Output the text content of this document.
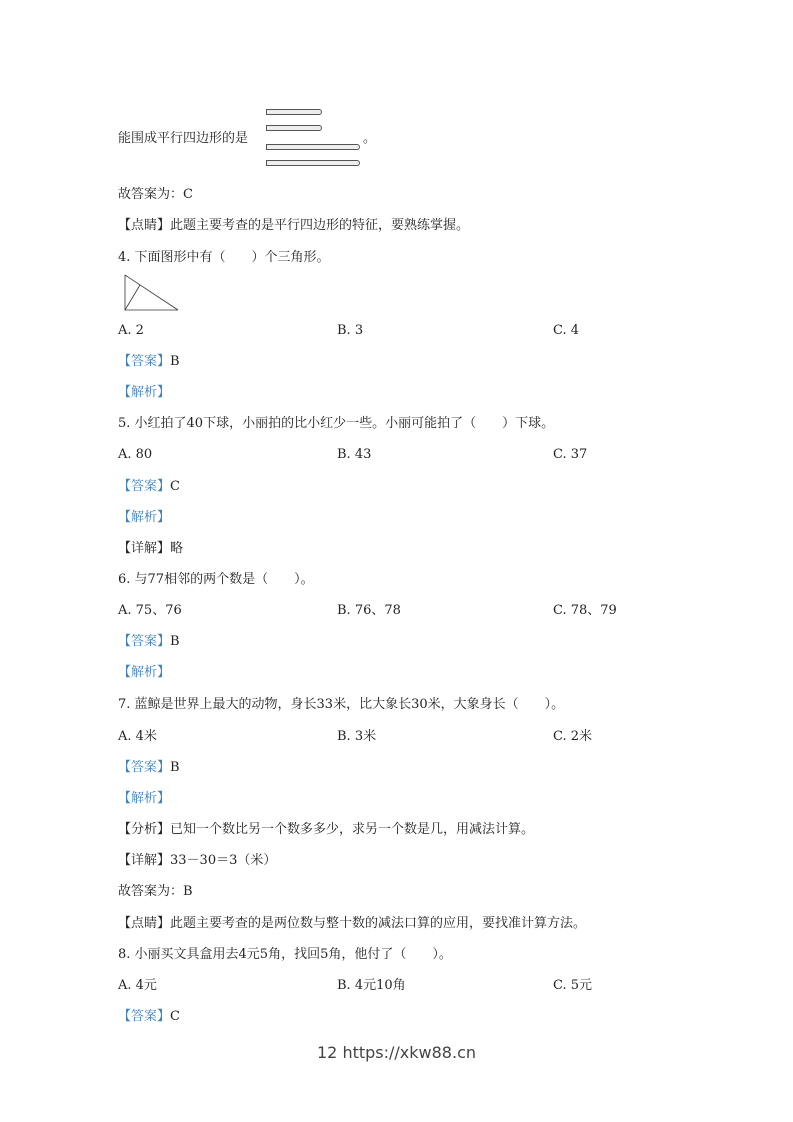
能围成平行四边形的是	。
故答案为：C
【点睛】此题主要考查的是平行四边形的特征，要熟练掌握。
4. 下面图形中有（　　）个三角形。
A. 2	B. 3	C. 4
【答案】B
【解析】
5. 小红拍了40下球，小丽拍的比小红少一些。小丽可能拍了（　　）下球。
A. 80	B. 43	C. 37
【答案】C
【解析】
【详解】略
6. 与77相邻的两个数是（　　）。
A. 75、76	B. 76、78	C. 78、79
【答案】B
【解析】
7. 蓝鲸是世界上最大的动物，身长33米，比大象长30米，大象身长（　　）。
A. 4米	B. 3米	C. 2米
【答案】B
【解析】
【分析】已知一个数比另一个数多多少，求另一个数是几，用减法计算。
【详解】33－30＝3（米）
故答案为：B
【点睛】此题主要考查的是两位数与整十数的减法口算的应用，要找准计算方法。
8. 小丽买文具盒用去4元5角，找回5角，他付了（　　）。
A. 4元	B. 4元10角	C. 5元
【答案】C
12 https://xkw88.cn
